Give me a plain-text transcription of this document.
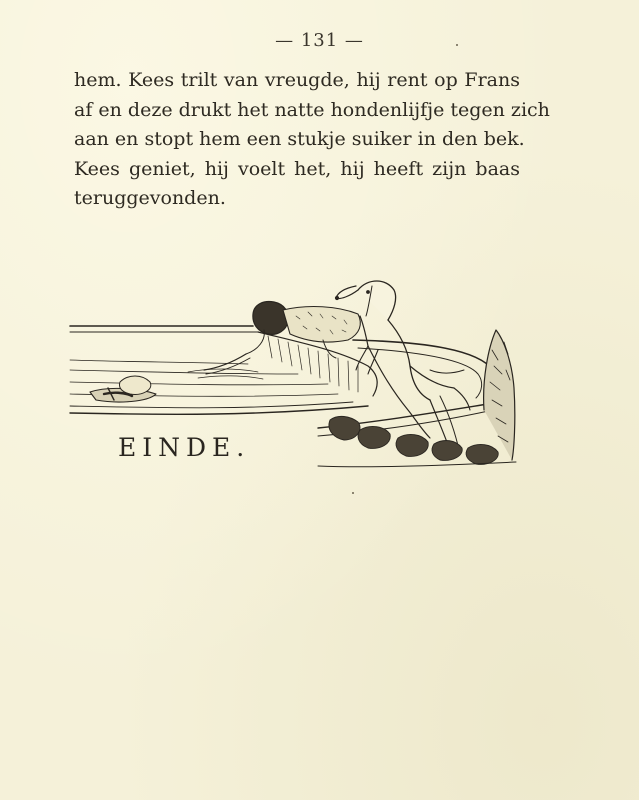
— 131 —
hem. Kees trilt van vreugde, hij rent op Frans
af en deze drukt het natte hondenlijfje tegen zich
aan en stopt hem een stukje suiker in den bek.
Kees geniet, hij voelt het, hij heeft zijn baas
teruggevonden.
EINDE.
